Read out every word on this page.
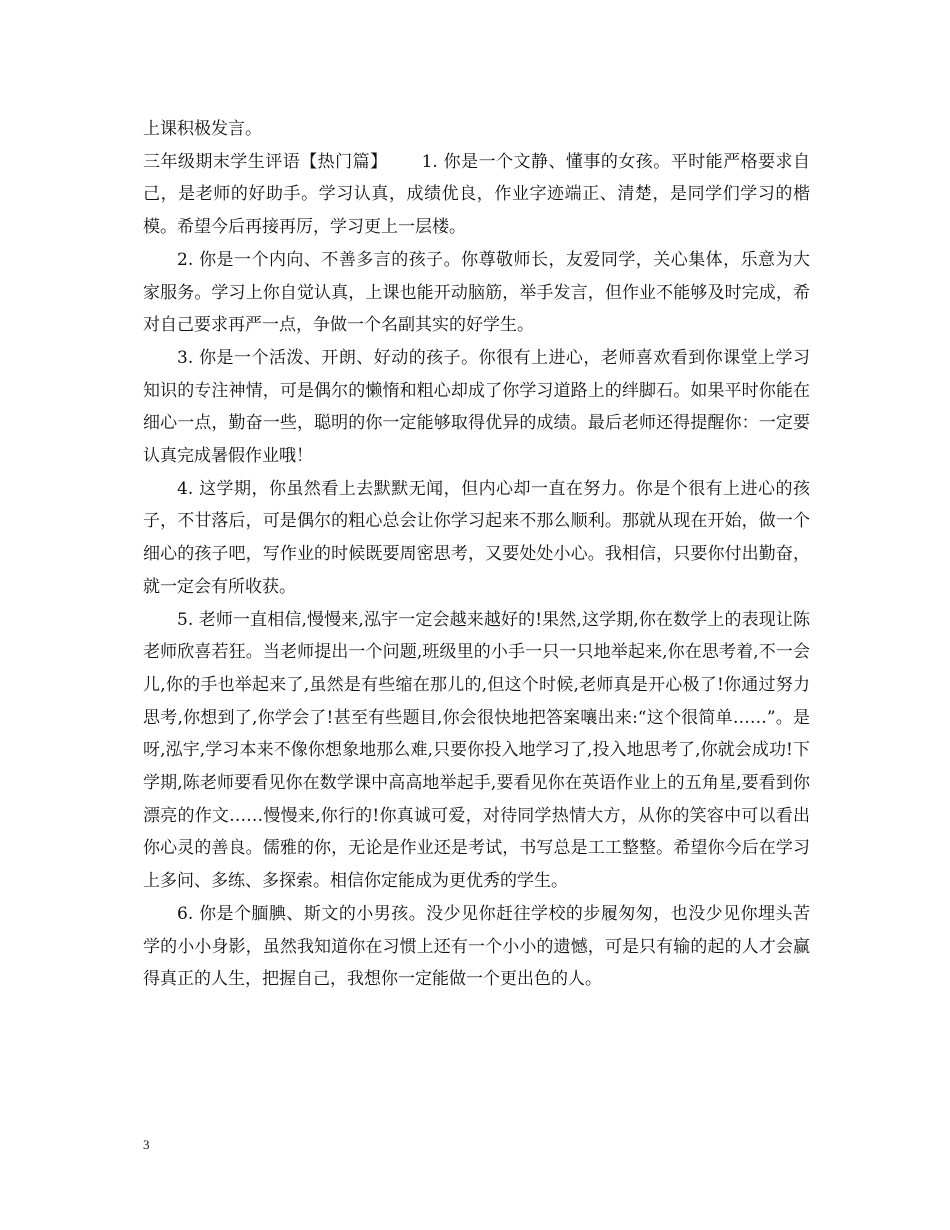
上课积极发言。

三年级期末学生评语【热门篇】 1. 你是一个文静、懂事的女孩。平时能严格要求自己，是老师的好助手。学习认真，成绩优良，作业字迹端正、清楚，是同学们学习的楷模。希望今后再接再厉，学习更上一层楼。

2. 你是一个内向、不善多言的孩子。你尊敬师长，友爱同学，关心集体，乐意为大家服务。学习上你自觉认真，上课也能开动脑筋，举手发言，但作业不能够及时完成，希对自己要求再严一点，争做一个名副其实的好学生。

3. 你是一个活泼、开朗、好动的孩子。你很有上进心，老师喜欢看到你课堂上学习知识的专注神情，可是偶尔的懒惰和粗心却成了你学习道路上的绊脚石。如果平时你能在细心一点，勤奋一些，聪明的你一定能够取得优异的成绩。最后老师还得提醒你：一定要认真完成暑假作业哦！

4. 这学期，你虽然看上去默默无闻，但内心却一直在努力。你是个很有上进心的孩子，不甘落后，可是偶尔的粗心总会让你学习起来不那么顺利。那就从现在开始，做一个细心的孩子吧，写作业的时候既要周密思考，又要处处小心。我相信，只要你付出勤奋，就一定会有所收获。

5. 老师一直相信,慢慢来,泓宇一定会越来越好的!果然,这学期,你在数学上的表现让陈老师欣喜若狂。当老师提出一个问题,班级里的小手一只一只地举起来,你在思考着,不一会儿,你的手也举起来了,虽然是有些缩在那儿的,但这个时候,老师真是开心极了!你通过努力思考,你想到了,你学会了!甚至有些题目,你会很快地把答案嚷出来:“这个很简单……”。是呀,泓宇,学习本来不像你想象地那么难,只要你投入地学习了,投入地思考了,你就会成功!下学期,陈老师要看见你在数学课中高高地举起手,要看见你在英语作业上的五角星,要看到你漂亮的作文……慢慢来,你行的!你真诚可爱，对待同学热情大方，从你的笑容中可以看出你心灵的善良。儒雅的你，无论是作业还是考试，书写总是工工整整。希望你今后在学习上多问、多练、多探索。相信你定能成为更优秀的学生。

6. 你是个腼腆、斯文的小男孩。没少见你赶往学校的步履匆匆，也没少见你埋头苦学的小小身影，虽然我知道你在习惯上还有一个小小的遗憾，可是只有输的起的人才会赢得真正的人生，把握自己，我想你一定能做一个更出色的人。

3
